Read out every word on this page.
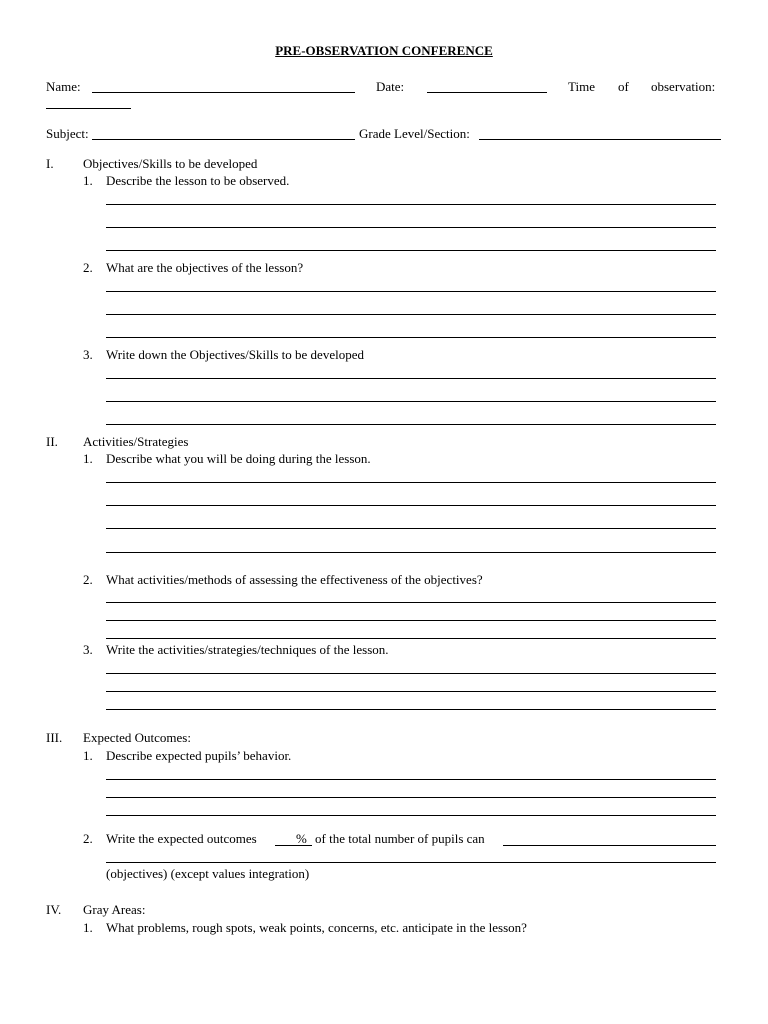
PRE-OBSERVATION CONFERENCE
Name:	Date:	Time of observation:
Subject:	Grade Level/Section:
I. Objectives/Skills to be developed
1. Describe the lesson to be observed.
2. What are the objectives of the lesson?
3. Write down the Objectives/Skills to be developed
II. Activities/Strategies
1. Describe what you will be doing during the lesson.
2. What activities/methods of assessing the effectiveness of the objectives?
3. Write the activities/strategies/techniques of the lesson.
III. Expected Outcomes:
1. Describe expected pupils’ behavior.
2. Write the expected outcomes	% of the total number of pupils can
(objectives) (except values integration)
IV. Gray Areas:
1. What problems, rough spots, weak points, concerns, etc. anticipate in the lesson?
